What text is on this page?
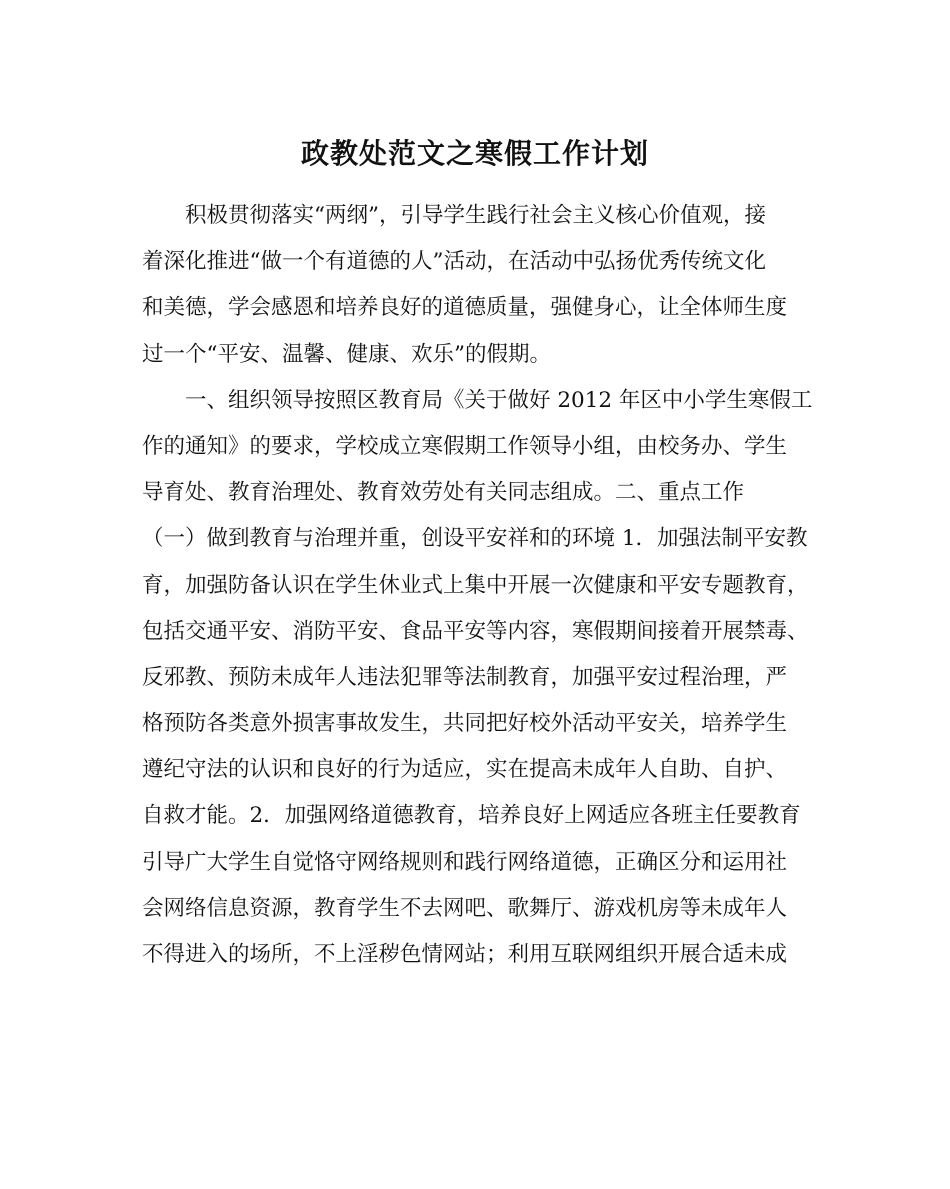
政教处范文之寒假工作计划
　　积极贯彻落实“两纲”，引导学生践行社会主义核心价值观，接
着深化推进“做一个有道德的人”活动，在活动中弘扬优秀传统文化
和美德，学会感恩和培养良好的道德质量，强健身心，让全体师生度
过一个“平安、温馨、健康、欢乐”的假期。
　　一、组织领导按照区教育局《关于做好 2012 年区中小学生寒假工
作的通知》的要求，学校成立寒假期工作领导小组，由校务办、学生
导育处、教育治理处、教育效劳处有关同志组成。二、重点工作
（一）做到教育与治理并重，创设平安祥和的环境 1．加强法制平安教
育，加强防备认识在学生休业式上集中开展一次健康和平安专题教育，
包括交通平安、消防平安、食品平安等内容，寒假期间接着开展禁毒、
反邪教、预防未成年人违法犯罪等法制教育，加强平安过程治理，严
格预防各类意外损害事故发生，共同把好校外活动平安关，培养学生
遵纪守法的认识和良好的行为适应，实在提高未成年人自助、自护、
自救才能。2．加强网络道德教育，培养良好上网适应各班主任要教育
引导广大学生自觉恪守网络规则和践行网络道德，正确区分和运用社
会网络信息资源，教育学生不去网吧、歌舞厅、游戏机房等未成年人
不得进入的场所，不上淫秽色情网站；利用互联网组织开展合适未成
